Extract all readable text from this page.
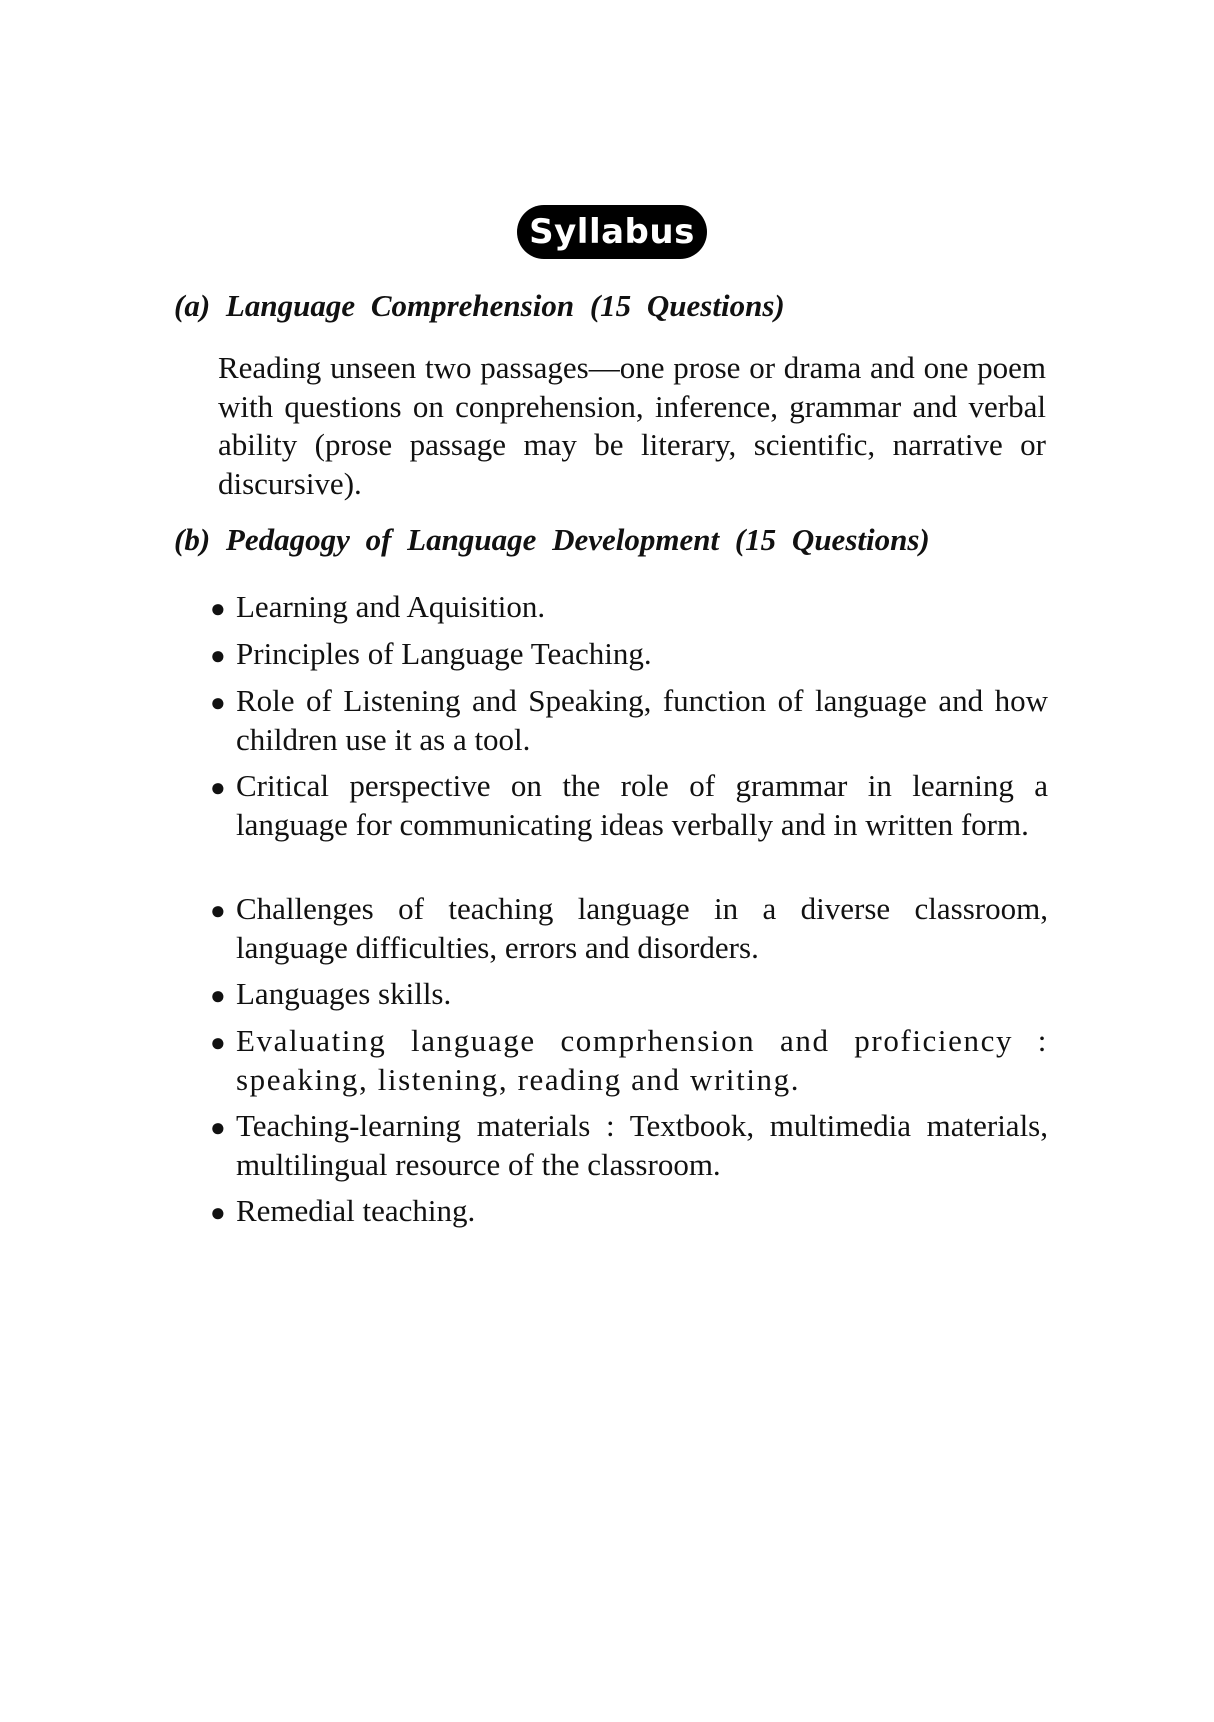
Syllabus
(a) Language Comprehension (15 Questions)
Reading unseen two passages—one prose or drama and one poem with questions on conprehension, inference, grammar and verbal ability (prose passage may be literary, scientific, narrative or discursive).
(b) Pedagogy of Language Development (15 Questions)
● Learning and Aquisition.
● Principles of Language Teaching.
● Role of Listening and Speaking, function of language and how children use it as a tool.
● Critical perspective on the role of grammar in learning a language for communicating ideas verbally and in written form.
● Challenges of teaching language in a diverse classroom, language difficulties, errors and disorders.
● Languages skills.
● Evaluating language comprhension and proficiency : speaking, listening, reading and writing.
● Teaching-learning materials : Textbook, multimedia materials, multilingual resource of the classroom.
● Remedial teaching.
